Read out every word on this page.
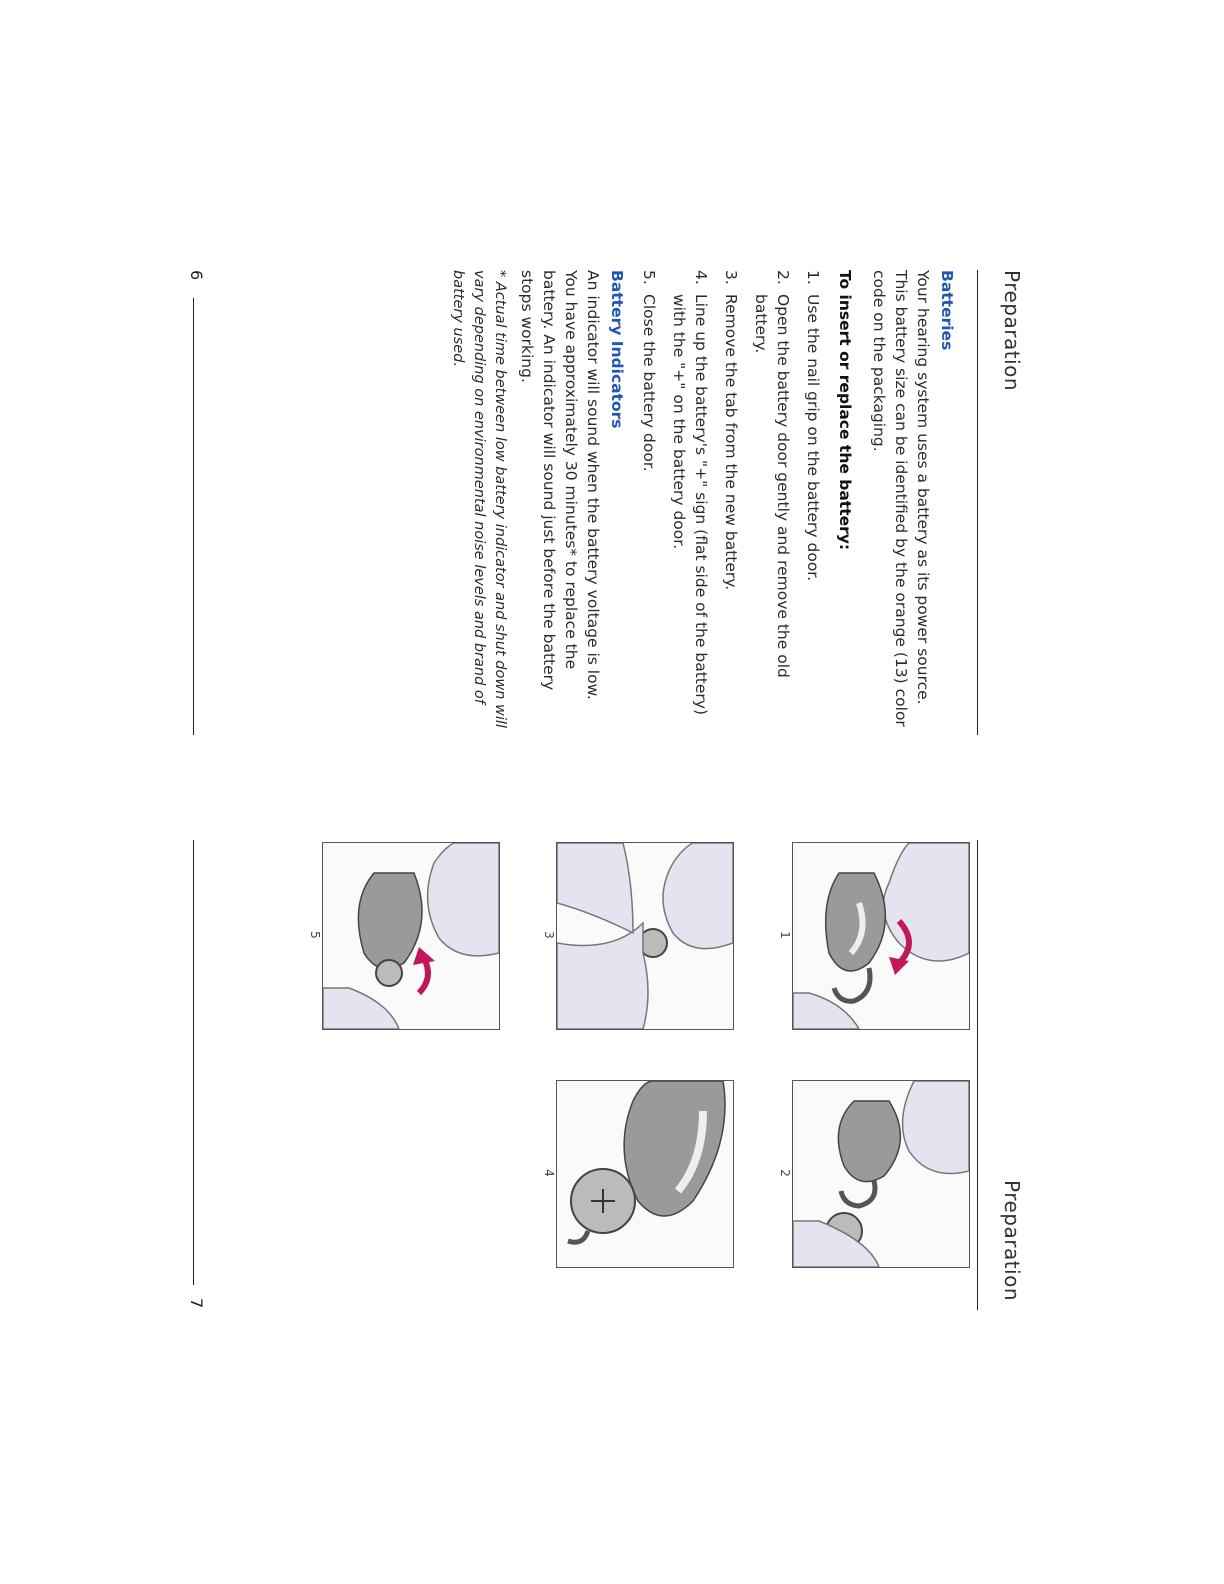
Preparation
Batteries
Your hearing system uses a battery as its power source. This battery size can be identified by the orange (13) color code on the packaging.
To insert or replace the battery:
1.
Use the nail grip on the battery door.
2.
Open the battery door gently and remove the old battery.
3.
Remove the tab from the new battery.
4.
Line up the battery's "+" sign (flat side of the battery) with the "+" on the battery door.
5.
Close the battery door.
Battery Indicators
An indicator will sound when the battery voltage is low. You have approximately 30 minutes* to replace the battery. An indicator will sound just before the battery stops working.
* Actual time between low battery indicator and shut down will vary depending on environmental noise levels and brand of battery used.
6
Preparation
1
2
3
4
5
7
